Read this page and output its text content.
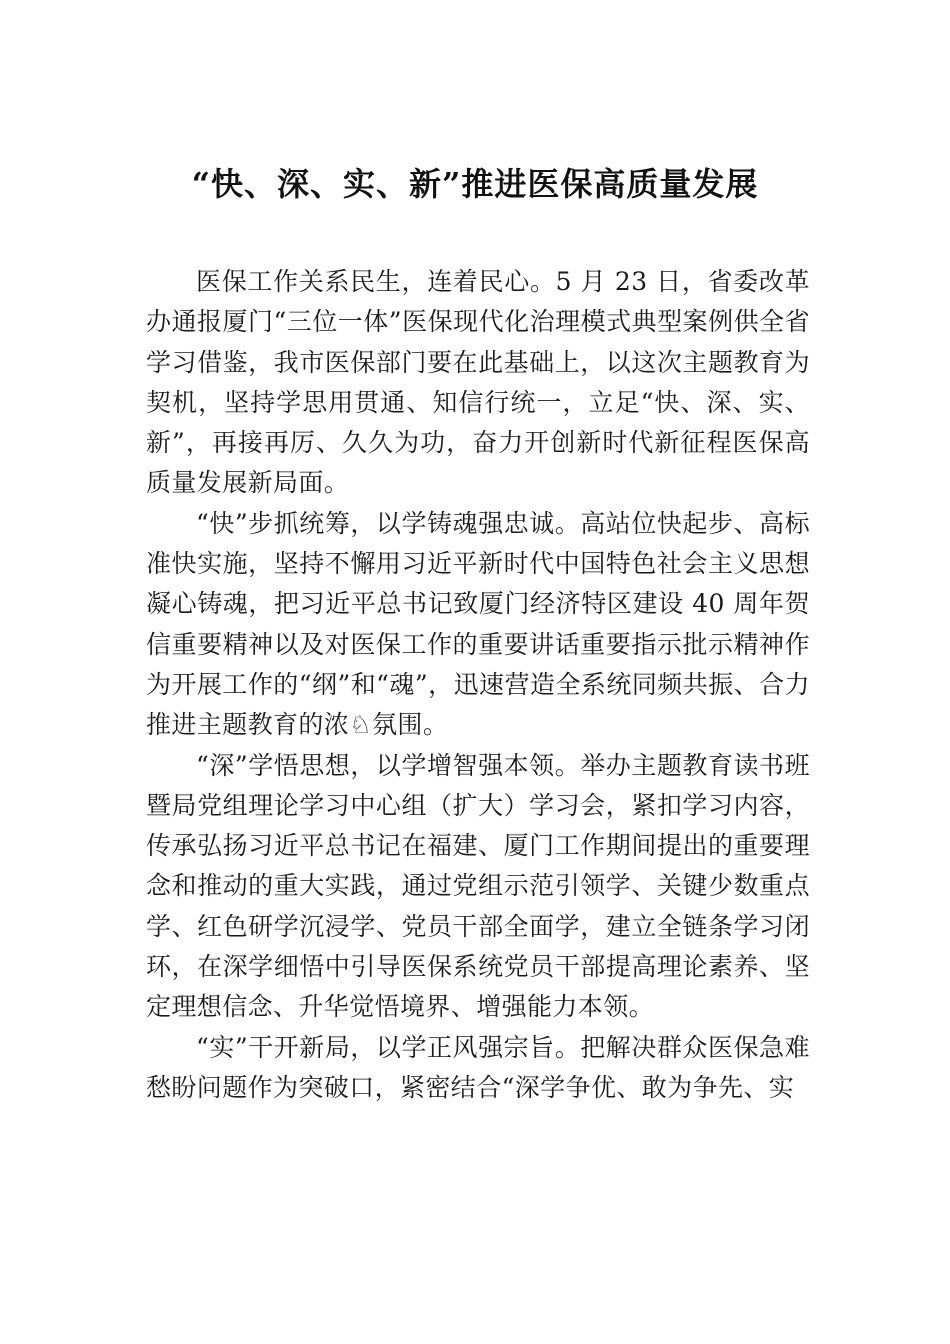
“快、深、实、新”推进医保高质量发展

医保工作关系民生，连着民心。5 月 23 日，省委改革办通报厦门“三位一体”医保现代化治理模式典型案例供全省学习借鉴，我市医保部门要在此基础上，以这次主题教育为契机，坚持学思用贯通、知信行统一，立足“快、深、实、新”，再接再厉、久久为功，奋力开创新时代新征程医保高质量发展新局面。

“快”步抓统筹，以学铸魂强忠诚。高站位快起步、高标准快实施，坚持不懈用习近平新时代中国特色社会主义思想凝心铸魂，把习近平总书记致厦门经济特区建设 40 周年贺信重要精神以及对医保工作的重要讲话重要指示批示精神作为开展工作的“纲”和“魂”，迅速营造全系统同频共振、合力推进主题教育的浓♘氛围。

“深”学悟思想，以学增智强本领。举办主题教育读书班暨局党组理论学习中心组（扩大）学习会，紧扣学习内容，传承弘扬习近平总书记在福建、厦门工作期间提出的重要理念和推动的重大实践，通过党组示范引领学、关键少数重点学、红色研学沉浸学、党员干部全面学，建立全链条学习闭环，在深学细悟中引导医保系统党员干部提高理论素养、坚定理想信念、升华觉悟境界、增强能力本领。

“实”干开新局，以学正风强宗旨。把解决群众医保急难愁盼问题作为突破口，紧密结合“深学争优、敢为争先、实
